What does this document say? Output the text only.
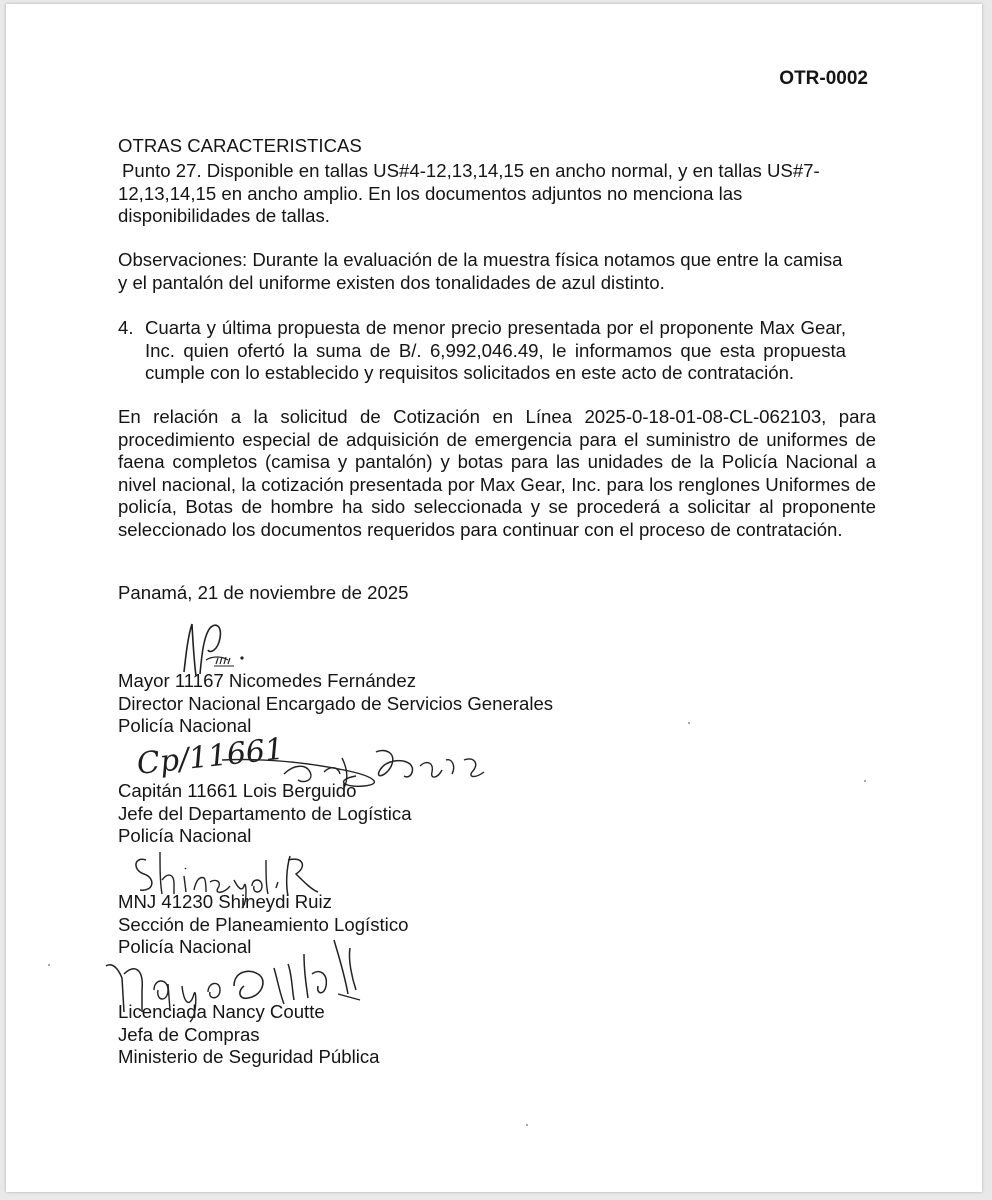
OTR-0002
OTRAS CARACTERISTICAS
Punto 27. Disponible en tallas US#4-12,13,14,15 en ancho normal, y en tallas US#7-
12,13,14,15 en ancho amplio. En los documentos adjuntos no menciona las
disponibilidades de tallas.
Observaciones: Durante la evaluación de la muestra física notamos que entre la camisa
y el pantalón del uniforme existen dos tonalidades de azul distinto.
4. Cuarta y última propuesta de menor precio presentada por el proponente Max Gear, Inc. quien ofertó la suma de B/. 6,992,046.49, le informamos que esta propuesta cumple con lo establecido y requisitos solicitados en este acto de contratación.
En relación a la solicitud de Cotización en Línea 2025-0-18-01-08-CL-062103, para procedimiento especial de adquisición de emergencia para el suministro de uniformes de faena completos (camisa y pantalón) y botas para las unidades de la Policía Nacional a nivel nacional, la cotización presentada por Max Gear, Inc. para los renglones Uniformes de policía, Botas de hombre ha sido seleccionada y se procederá a solicitar al proponente seleccionado los documentos requeridos para continuar con el proceso de contratación.
Panamá, 21 de noviembre de 2025
Mayor 11167 Nicomedes Fernández
Director Nacional Encargado de Servicios Generales
Policía Nacional
Capitán 11661 Lois Berguido
Jefe del Departamento de Logística
Policía Nacional
MNJ 41230 Shineydi Ruiz
Sección de Planeamiento Logístico
Policía Nacional
Licenciada Nancy Coutte
Jefa de Compras
Ministerio de Seguridad Pública
Cp/11661
